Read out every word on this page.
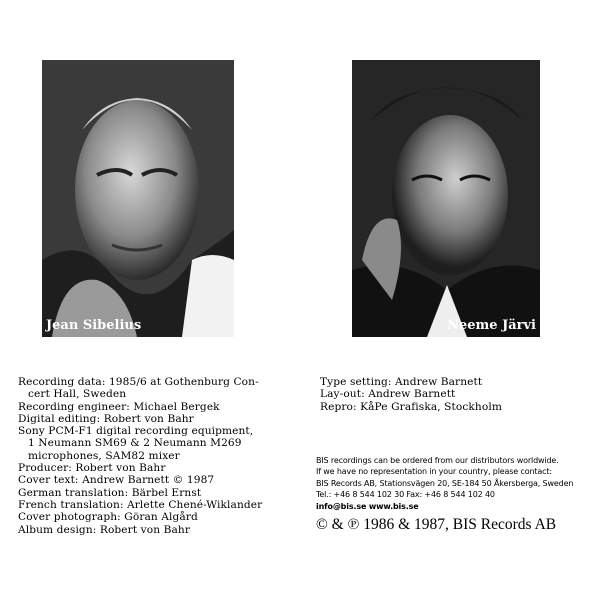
Jean Sibelius	Neeme Järvi
Recording data: 1985/6 at Gothenburg Con-
cert Hall, Sweden
Recording engineer: Michael Bergek
Digital editing: Robert von Bahr
Sony PCM-F1 digital recording equipment,
1 Neumann SM69 & 2 Neumann M269
microphones, SAM82 mixer
Producer: Robert von Bahr
Cover text: Andrew Barnett © 1987
German translation: Bärbel Ernst
French translation: Arlette Chené-Wiklander
Cover photograph: Göran Algård
Album design: Robert von Bahr
Type setting: Andrew Barnett
Lay-out: Andrew Barnett
Repro: KåPe Grafiska, Stockholm
BIS recordings can be ordered from our distributors worldwide.
If we have no representation in your country, please contact:
BIS Records AB, Stationsvägen 20, SE-184 50 Åkersberga, Sweden
Tel.: +46 8 544 102 30 Fax: +46 8 544 102 40
info@bis.se www.bis.se
© & ℗ 1986 & 1987, BIS Records AB
